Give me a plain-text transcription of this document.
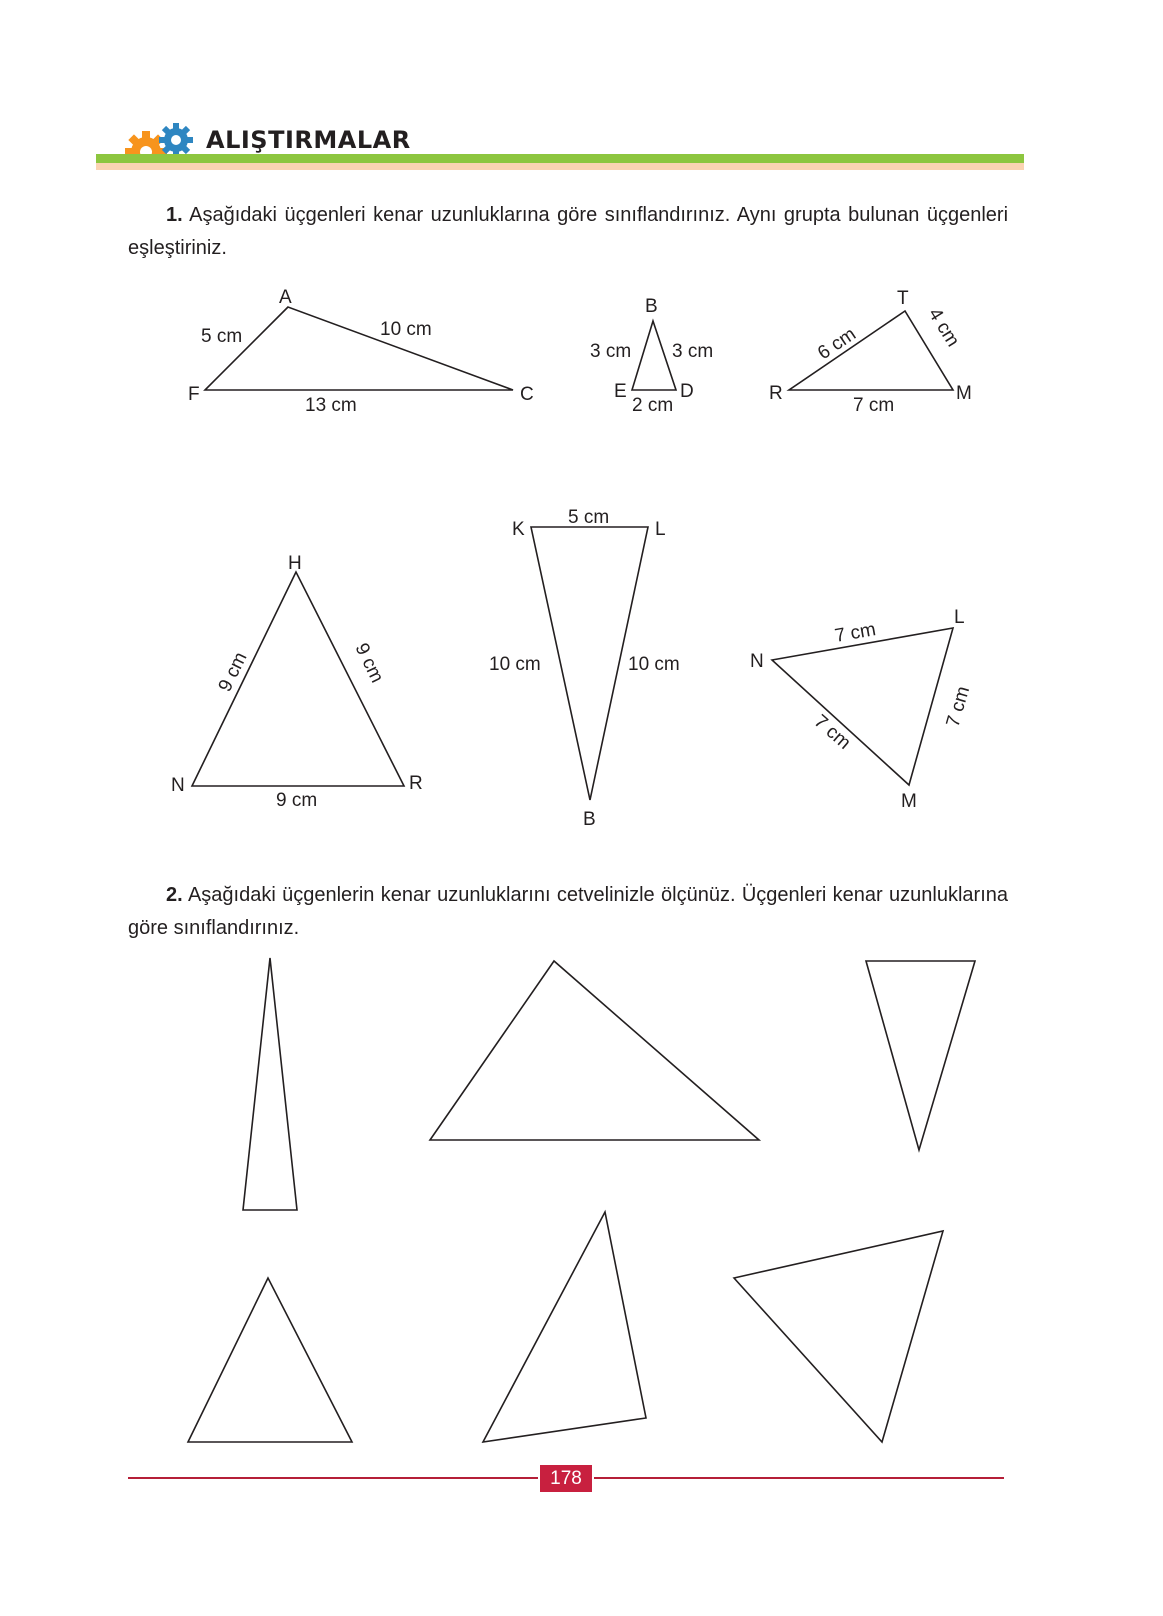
ALIŞTIRMALAR
1. Aşağıdaki üçgenleri kenar uzunluklarına göre sınıflandırınız. Aynı grupta bulunan üçgenleri eşleştiriniz.
A
F	C
5 cm	10 cm
13 cm
B
E	D
3 cm 3 cm
2 cm
T
R	M
6 cm	4 cm
7 cm
H
N	R
9 cm	9 cm
9 cm
K	L
B
5 cm
10 cm	10 cm	N
L
M
7 cm
7 cm
7 cm
2. Aşağıdaki üçgenlerin kenar uzunluklarını cetvelinizle ölçünüz. Üçgenleri kenar uzunluklarına göre sınıflandırınız.
178
